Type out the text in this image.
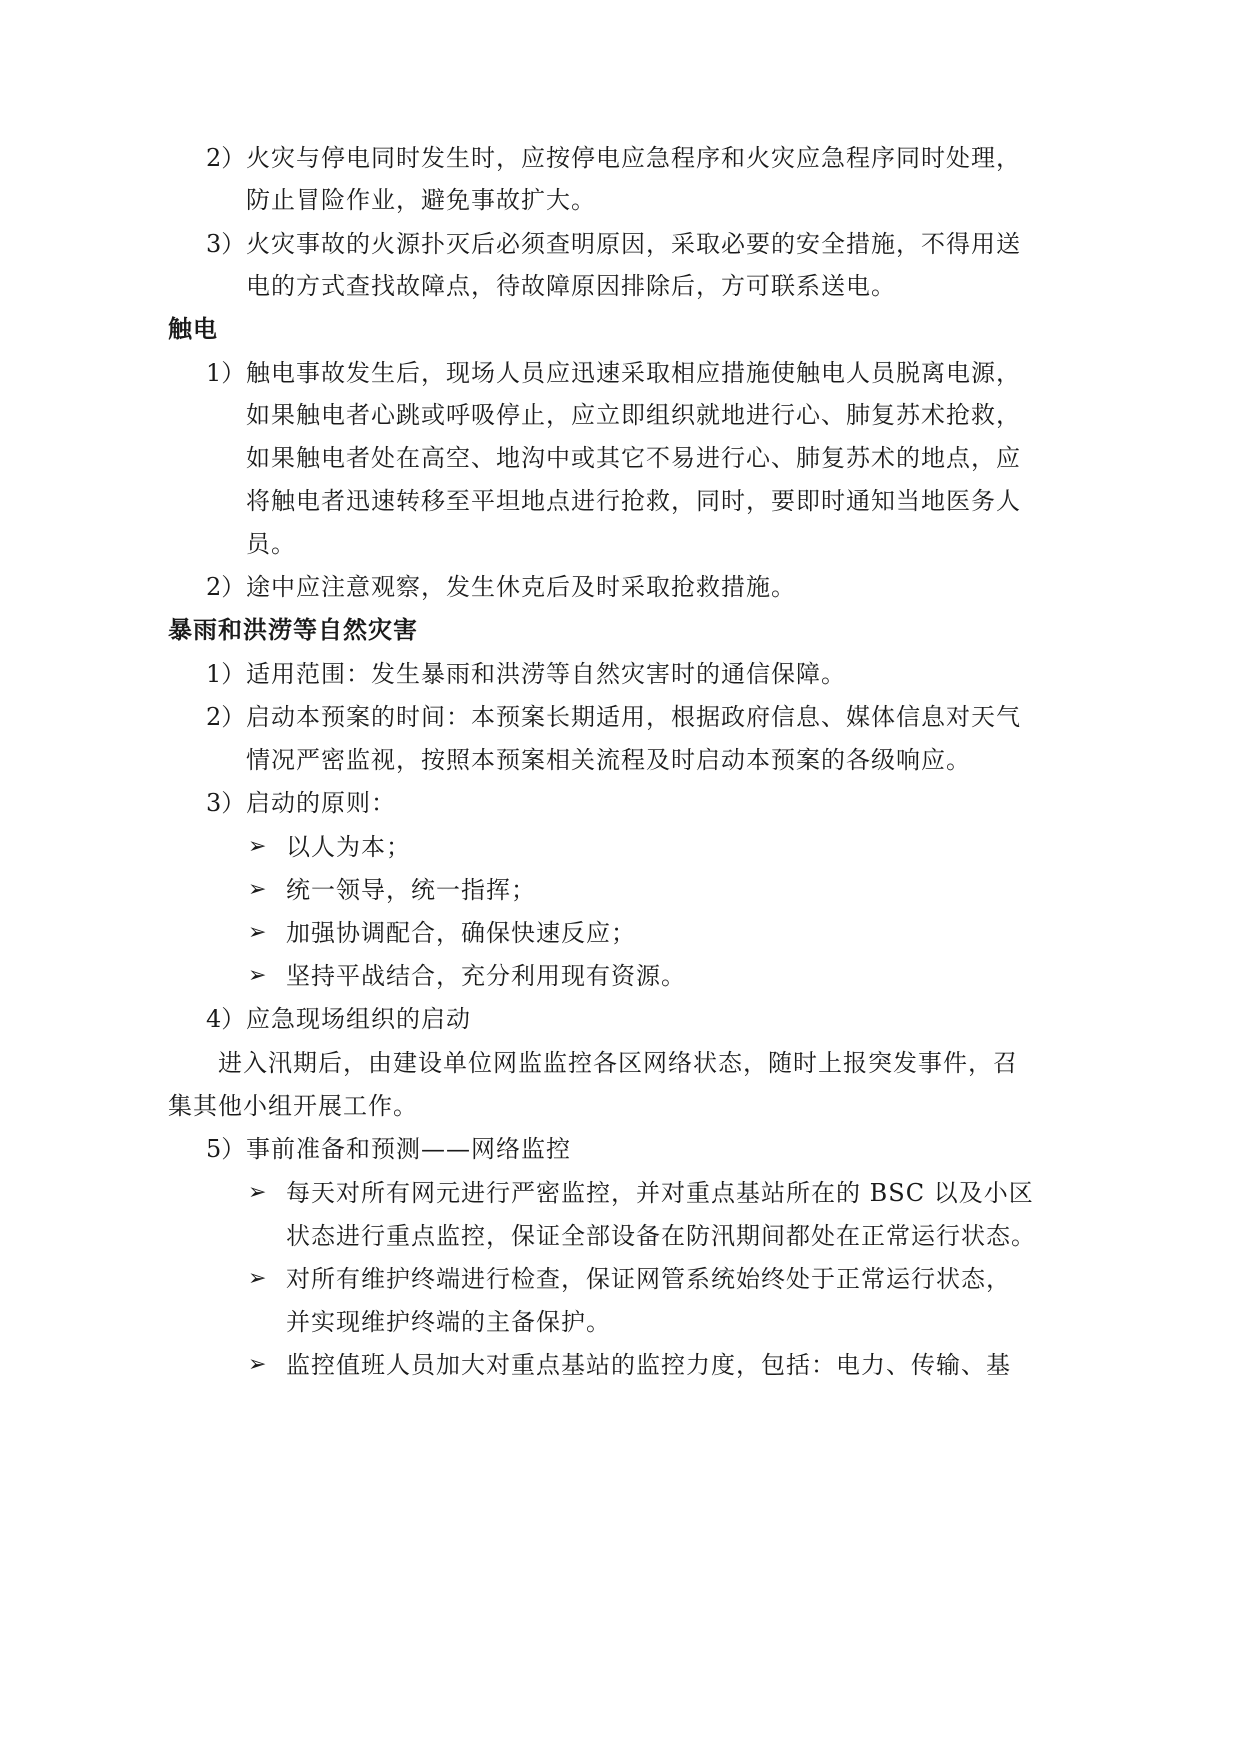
2） 火灾与停电同时发生时，应按停电应急程序和火灾应急程序同时处理，
防止冒险作业，避免事故扩大。
3） 火灾事故的火源扑灭后必须查明原因，采取必要的安全措施，不得用送
电的方式查找故障点，待故障原因排除后，方可联系送电。
触电
1） 触电事故发生后，现场人员应迅速采取相应措施使触电人员脱离电源，
如果触电者心跳或呼吸停止，应立即组织就地进行心、肺复苏术抢救，
如果触电者处在高空、地沟中或其它不易进行心、肺复苏术的地点，应
将触电者迅速转移至平坦地点进行抢救，同时，要即时通知当地医务人
员。
2） 途中应注意观察，发生休克后及时采取抢救措施。
暴雨和洪涝等自然灾害
1） 适用范围：发生暴雨和洪涝等自然灾害时的通信保障。
2） 启动本预案的时间：本预案长期适用，根据政府信息、媒体信息对天气
情况严密监视，按照本预案相关流程及时启动本预案的各级响应。
3） 启动的原则：
➢ 以人为本；
➢ 统一领导，统一指挥；
➢ 加强协调配合，确保快速反应；
➢ 坚持平战结合，充分利用现有资源。
4） 应急现场组织的启动
进入汛期后，由建设单位网监监控各区网络状态，随时上报突发事件，召
集其他小组开展工作。
5） 事前准备和预测——网络监控
➢ 每天对所有网元进行严密监控，并对重点基站所在的 BSC 以及小区
状态进行重点监控，保证全部设备在防汛期间都处在正常运行状态。
➢ 对所有维护终端进行检查，保证网管系统始终处于正常运行状态，
并实现维护终端的主备保护。
➢ 监控值班人员加大对重点基站的监控力度，包括：电力、传输、基
